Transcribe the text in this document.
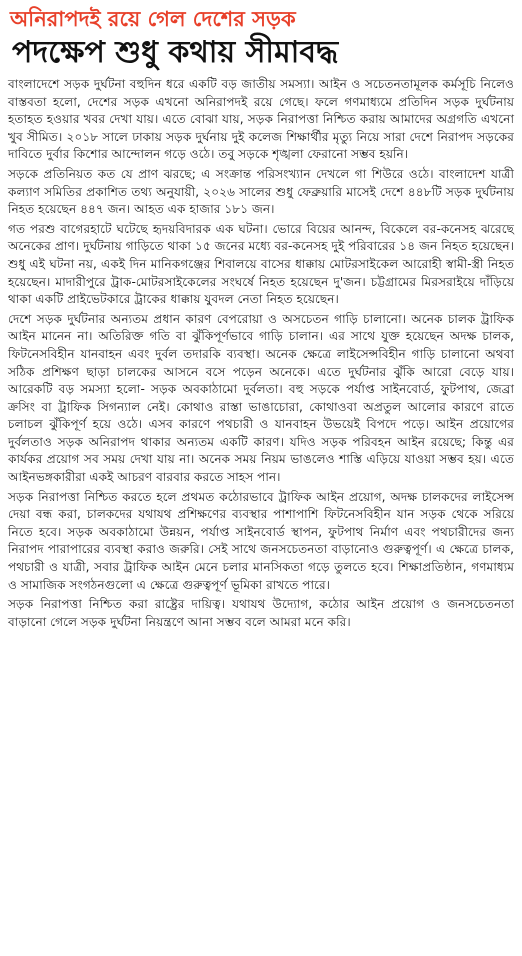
অনিরাপদই রয়ে গেল দেশের সড়ক
পদক্ষেপ শুধু কথায় সীমাবদ্ধ

বাংলাদেশে সড়ক দুর্ঘটনা বহুদিন ধরে একটি বড় জাতীয় সমস্যা। আইন ও সচেতনতামূলক কর্মসূচি নিলেও বাস্তবতা হলো, দেশের সড়ক এখনো অনিরাপদই রয়ে গেছে। ফলে গণমাধ্যমে প্রতিদিন সড়ক দুর্ঘটনায় হতাহত হওয়ার খবর দেখা যায়। এতে বোঝা যায়, সড়ক নিরাপত্তা নিশ্চিত করায় আমাদের অগ্রগতি এখনো খুব সীমিত। ২০১৮ সালে ঢাকায় সড়ক দুর্ঘনায় দুই কলেজ শিক্ষার্থীর মৃত্যু নিয়ে সারা দেশে নিরাপদ সড়কের দাবিতে দুর্বার কিশোর আন্দোলন গড়ে ওঠে। তবু সড়কে শৃঙ্খলা ফেরানো সম্ভব হয়নি।

সড়কে প্রতিনিয়ত কত যে প্রাণ ঝরছে; এ সংক্রান্ত পরিসংখ্যান দেখলে গা শিউরে ওঠে। বাংলাদেশ যাত্রী কল্যাণ সমিতির প্রকাশিত তথ্য অনুযায়ী, ২০২৬ সালের শুধু ফেব্রুয়ারি মাসেই দেশে ৪৪৮টি সড়ক দুর্ঘটনায় নিহত হয়েছেন ৪৪৭ জন। আহত এক হাজার ১৮১ জন।

গত পরশু বাগেরহাটে ঘটেছে হৃদয়বিদারক এক ঘটনা। ভোরে বিয়ের আনন্দ, বিকেলে বর-কনেসহ ঝরেছে অনেকের প্রাণ। দুর্ঘটনায় গাড়িতে থাকা ১৫ জনের মধ্যে বর-কনেসহ দুই পরিবারের ১৪ জন নিহত হয়েছেন। শুধু এই ঘটনা নয়, একই দিন মানিকগঞ্জের শিবালয়ে বাসের ধাক্কায় মোটরসাইকেল আরোহী স্বামী-স্ত্রী নিহত হয়েছেন। মাদারীপুরে ট্রাক-মোটরসাইকেলের সংঘর্ষে নিহত হয়েছেন দু'জন। চট্টগ্রামের মিরসরাইয়ে দাঁড়িয়ে থাকা একটি প্রাইভেটকারে ট্রাকের ধাক্কায় যুবদল নেতা নিহত হয়েছেন।

দেশে সড়ক দুর্ঘটনার অন্যতম প্রধান কারণ বেপরোয়া ও অসচেতন গাড়ি চালানো। অনেক চালক ট্রাফিক আইন মানেন না। অতিরিক্ত গতি বা ঝুঁকিপূর্ণভাবে গাড়ি চালান। এর সাথে যুক্ত হয়েছেন অদক্ষ চালক, ফিটনেসবিহীন যানবাহন এবং দুর্বল তদারকি ব্যবস্থা। অনেক ক্ষেত্রে লাইসেন্সবিহীন গাড়ি চালানো অথবা সঠিক প্রশিক্ষণ ছাড়া চালকের আসনে বসে পড়েন অনেকে। এতে দুর্ঘটনার ঝুঁকি আরো বেড়ে যায়। আরেকটি বড় সমস্যা হলো- সড়ক অবকাঠামো দুর্বলতা। বহু সড়কে পর্যাপ্ত সাইনবোর্ড, ফুটপাথ, জেব্রা ক্রসিং বা ট্রাফিক সিগন্যাল নেই। কোথাও রাস্তা ভাঙাচোরা, কোথাওবা অপ্রতুল আলোর কারণে রাতে চলাচল ঝুঁকিপূর্ণ হয়ে ওঠে। এসব কারণে পথচারী ও যানবাহন উভয়েই বিপদে পড়ে। আইন প্রয়োগের দুর্বলতাও সড়ক অনিরাপদ থাকার অন্যতম একটি কারণ। যদিও সড়ক পরিবহন আইন রয়েছে; কিন্তু এর কার্যকর প্রয়োগ সব সময় দেখা যায় না। অনেক সময় নিয়ম ভাঙলেও শাস্তি এড়িয়ে যাওয়া সম্ভব হয়। এতে আইনভঙ্গকারীরা একই আচরণ বারবার করতে সাহস পান।

সড়ক নিরাপত্তা নিশ্চিত করতে হলে প্রথমত কঠোরভাবে ট্রাফিক আইন প্রয়োগ, অদক্ষ চালকদের লাইসেন্স দেয়া বন্ধ করা, চালকদের যথাযথ প্রশিক্ষণের ব্যবস্থার পাশাপাশি ফিটনেসবিহীন যান সড়ক থেকে সরিয়ে নিতে হবে। সড়ক অবকাঠামো উন্নয়ন, পর্যাপ্ত সাইনবোর্ড স্থাপন, ফুটপাথ নির্মাণ এবং পথচারীদের জন্য নিরাপদ পারাপারের ব্যবস্থা করাও জরুরি। সেই সাথে জনসচেতনতা বাড়ানোও গুরুত্বপূর্ণ। এ ক্ষেত্রে চালক, পথচারী ও যাত্রী, সবার ট্রাফিক আইন মেনে চলার মানসিকতা গড়ে তুলতে হবে। শিক্ষাপ্রতিষ্ঠান, গণমাধ্যম ও সামাজিক সংগঠনগুলো এ ক্ষেত্রে গুরুত্বপূর্ণ ভূমিকা রাখতে পারে।

সড়ক নিরাপত্তা নিশ্চিত করা রাষ্ট্রের দায়িত্ব। যথাযথ উদ্যোগ, কঠোর আইন প্রয়োগ ও জনসচেতনতা বাড়ানো গেলে সড়ক দুর্ঘটনা নিয়ন্ত্রণে আনা সম্ভব বলে আমরা মনে করি।
